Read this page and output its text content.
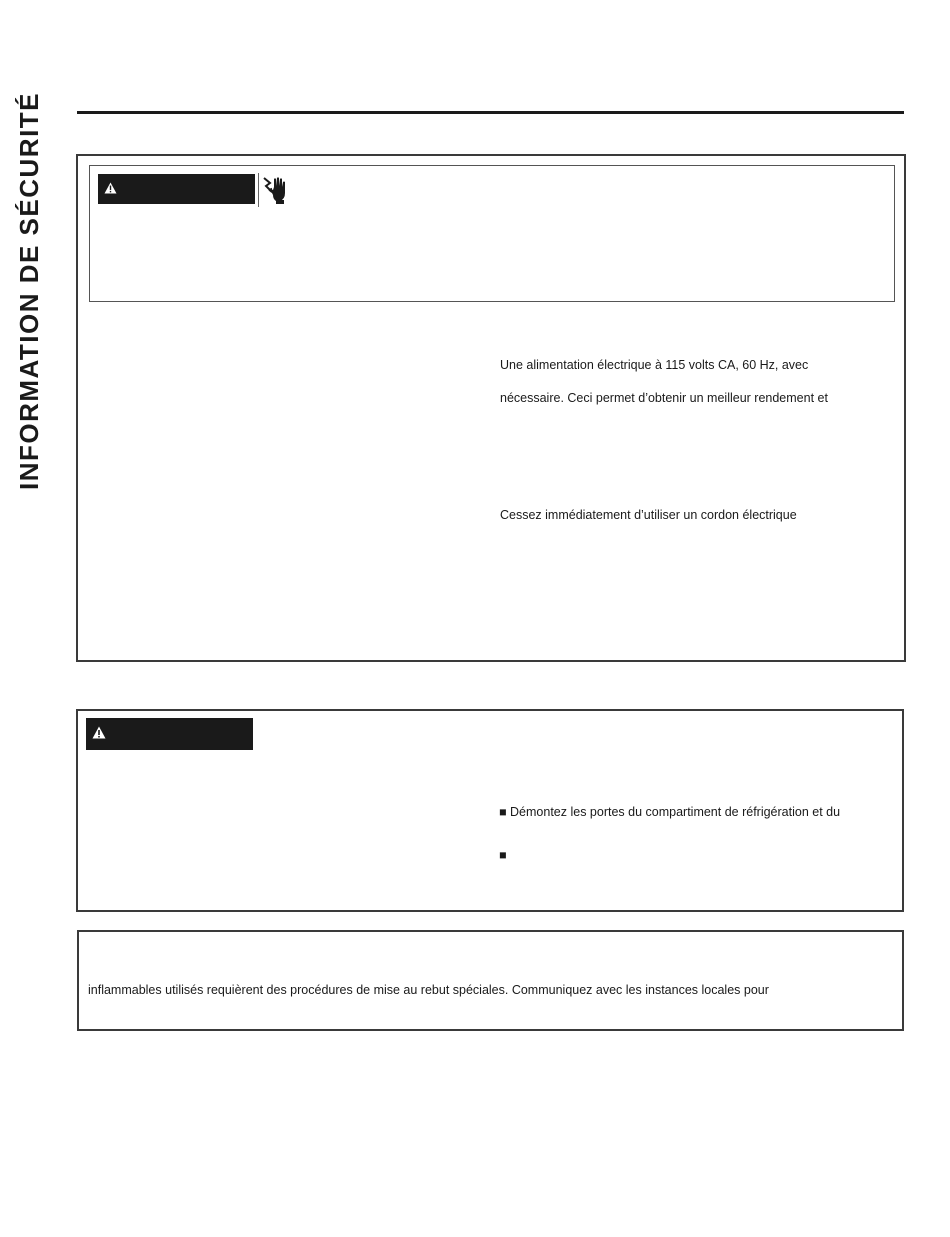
INFORMATION DE SÉCURITÉ	Une alimentation électrique à 115 volts CA, 60 Hz, avec
nécessaire. Ceci permet d’obtenir un meilleur rendement et
Cessez immédiatement d’utiliser un cordon électrique
■ Démontez les portes du compartiment de réfrigération et du
■
inflammables utilisés requièrent des procédures de mise au rebut spéciales. Communiquez avec les instances locales pour
